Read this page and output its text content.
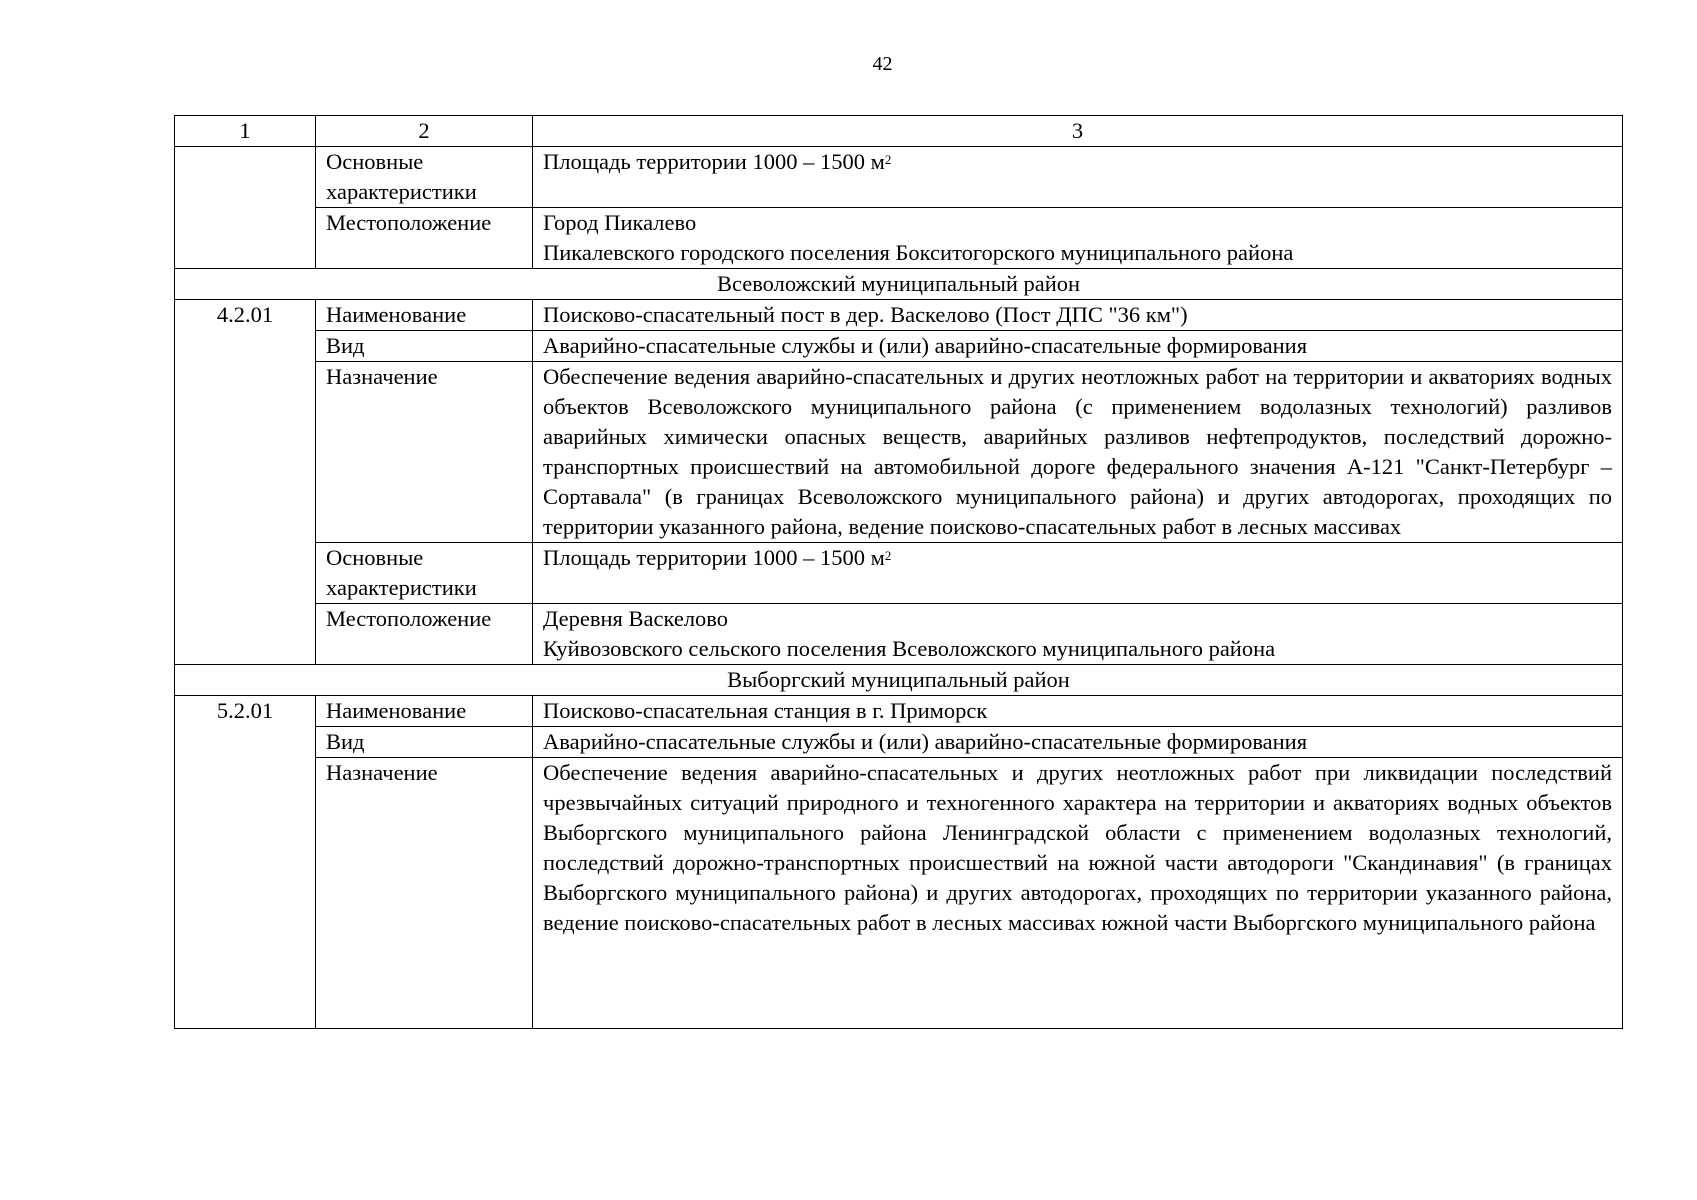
42
1	2	3
	Основные характеристики	Площадь территории 1000 – 1500 $м^2$
	Местоположение	Город Пикалево
Пикалевского городского поселения Бокситогорского муниципального района

Всеволожский муниципальный район		
4.2.01	Наименование	Поисково-спасательный пост в дер. Васкелово (Пост ДПС "36 км")
	Вид	Аварийно-спасательные службы и (или) аварийно-спасательные формирования
	Назначение	Обеспечение ведения аварийно-спасательных и других неотложных работ на территории и акваториях водных объектов Всеволожского муниципального района (с применением водолазных технологий) разливов аварийных химически опасных веществ, аварийных разливов нефтепродуктов, последствий дорожно-транспортных происшествий на автомобильной дороге федерального значения А-121 "Санкт-Петербург – Сортавала" (в границах Всеволожского муниципального района) и других автодорогах, проходящих по территории указанного района, ведение поисково-спасательных работ в лесных массивах
	Основные характеристики	Площадь территории 1000 – 1500 $м^2$
	Местоположение	Деревня Васкелово
Куйвозовского сельского поселения Всеволожского муниципального района

Выборгский муниципальный район		
5.2.01	Наименование	Поисково-спасательная станция в г. Приморск
	Вид	Аварийно-спасательные службы и (или) аварийно-спасательные формирования
	Назначение	Обеспечение ведения аварийно-спасательных и других неотложных работ при ликвидации последствий чрезвычайных ситуаций природного и техногенного характера на территории и акваториях водных объектов Выборгского муниципального района Ленинградской области с применением водолазных технологий, последствий дорожно-транспортных происшествий на южной части автодороги "Скандинавия" (в границах Выборгского муниципального района) и других автодорогах, проходящих по территории указанного района, ведение поисково-спасательных работ в лесных массивах южной части Выборгского муниципального района
